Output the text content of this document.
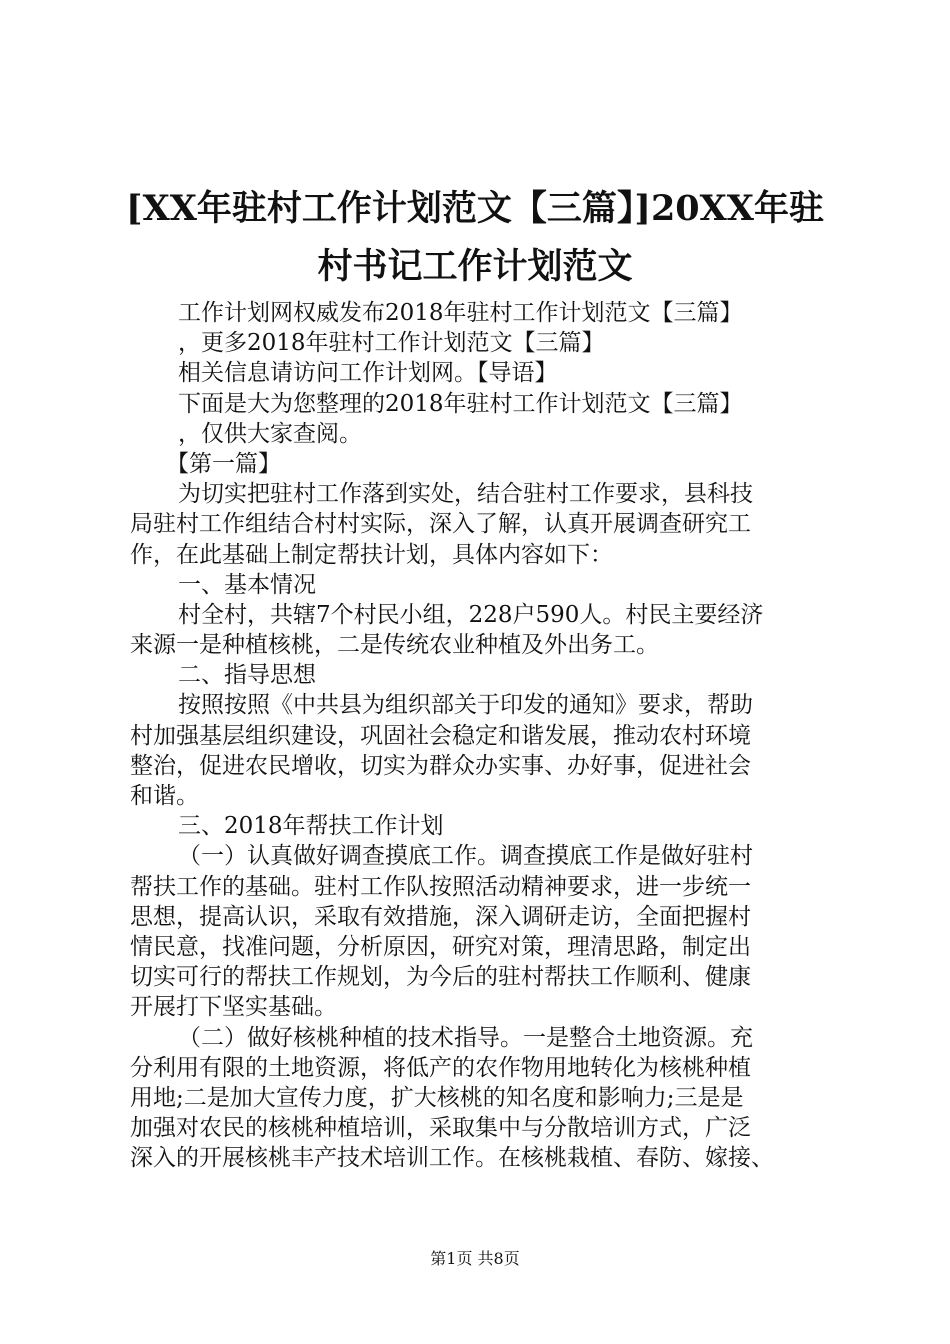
[XX年驻村工作计划范文【三篇】]20XX年驻
村书记工作计划范文
工作计划网权威发布2018年驻村工作计划范文【三篇】
，更多2018年驻村工作计划范文【三篇】
相关信息请访问工作计划网。【导语】
下面是大为您整理的2018年驻村工作计划范文【三篇】
，仅供大家查阅。
【第一篇】
为切实把驻村工作落到实处，结合驻村工作要求，县科技
局驻村工作组结合村村实际，深入了解，认真开展调查研究工
作，在此基础上制定帮扶计划，具体内容如下：
一、基本情况
村全村，共辖7个村民小组，228户590人。村民主要经济
来源一是种植核桃，二是传统农业种植及外出务工。
二、指导思想
按照按照《中共县为组织部关于印发的通知》要求，帮助
村加强基层组织建设，巩固社会稳定和谐发展，推动农村环境
整治，促进农民增收，切实为群众办实事、办好事，促进社会
和谐。
三、2018年帮扶工作计划
（一）认真做好调查摸底工作。调查摸底工作是做好驻村
帮扶工作的基础。驻村工作队按照活动精神要求，进一步统一
思想，提高认识，采取有效措施，深入调研走访，全面把握村
情民意，找准问题，分析原因，研究对策，理清思路，制定出
切实可行的帮扶工作规划，为今后的驻村帮扶工作顺利、健康
开展打下坚实基础。
（二）做好核桃种植的技术指导。一是整合土地资源。充
分利用有限的土地资源，将低产的农作物用地转化为核桃种植
用地;二是加大宣传力度，扩大核桃的知名度和影响力;三是是
加强对农民的核桃种植培训，采取集中与分散培训方式，广泛
深入的开展核桃丰产技术培训工作。在核桃栽植、春防、嫁接、
第1页 共8页
